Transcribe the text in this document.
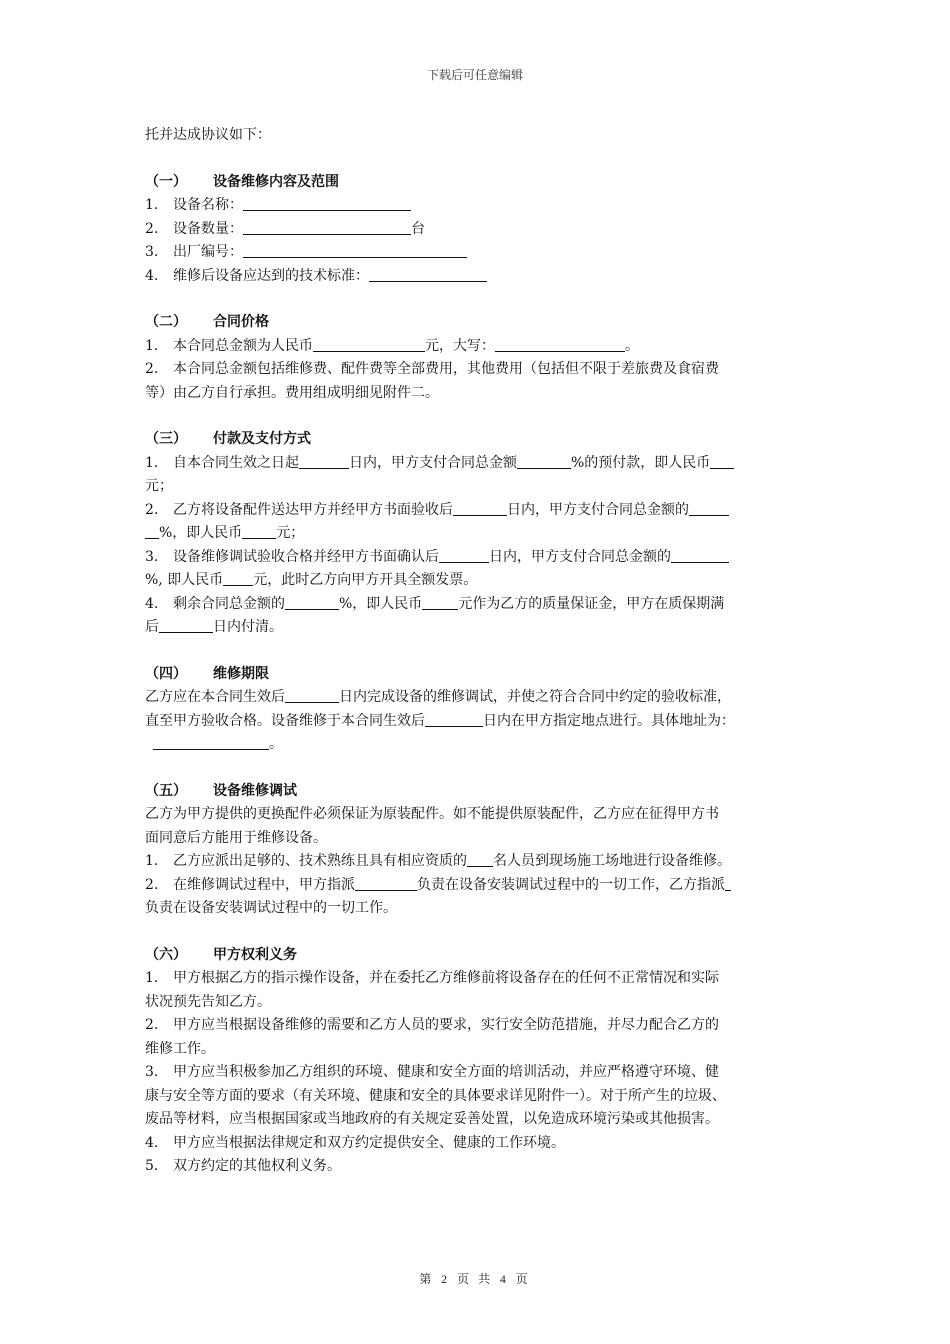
下载后可任意编辑

托并达成协议如下：

（一） 设备维修内容及范围

1. 设备名称：

2. 设备数量：	台

3. 出厂编号：

4. 维修后设备应达到的技术标准：

（二） 合同价格

1. 本合同总金额为人民币	元，大写：	。

2. 本合同总金额包括维修费、配件费等全部费用，其他费用（包括但不限于差旅费及食宿费

等）由乙方自行承担。费用组成明细见附件二。

（三） 付款及支付方式

1. 自本合同生效之日起	日内，甲方支付合同总金额	%的预付款，即人民币

元；

2. 乙方将设备配件送达甲方并经甲方书面验收后	日内，甲方支付合同总金额的

%，即人民币 元；

3. 设备维修调试验收合格并经甲方书面确认后	日内，甲方支付合同总金额的

%, 即人民币 元，此时乙方向甲方开具全额发票。

4. 剩余合同总金额的	%，即人民币	元作为乙方的质量保证金，甲方在质保期满

后	日内付清。

（四） 维修期限

乙方应在本合同生效后	日内完成设备的维修调试，并使之符合合同中约定的验收标准，

直至甲方验收合格。设备维修于本合同生效后	日内在甲方指定地点进行。具体地址为：

。

（五） 设备维修调试

乙方为甲方提供的更换配件必须保证为原装配件。如不能提供原装配件，乙方应在征得甲方书

面同意后方能用于维修设备。

1. 乙方应派出足够的、技术熟练且具有相应资质的 名人员到现场施工场地进行设备维修。

2. 在维修调试过程中，甲方指派	负责在设备安装调试过程中的一切工作，乙方指派

负责在设备安装调试过程中的一切工作。

（六） 甲方权利义务

1. 甲方根据乙方的指示操作设备，并在委托乙方维修前将设备存在的任何不正常情况和实际

状况预先告知乙方。

2. 甲方应当根据设备维修的需要和乙方人员的要求，实行安全防范措施，并尽力配合乙方的

维修工作。

3. 甲方应当积极参加乙方组织的环境、健康和安全方面的培训活动，并应严格遵守环境、健

康与安全等方面的要求（有关环境、健康和安全的具体要求详见附件一）。对于所产生的垃圾、

废品等材料，应当根据国家或当地政府的有关规定妥善处置，以免造成环境污染或其他损害。

4. 甲方应当根据法律规定和双方约定提供安全、健康的工作环境。

5. 双方约定的其他权利义务。

第 2 页 共 4 页
